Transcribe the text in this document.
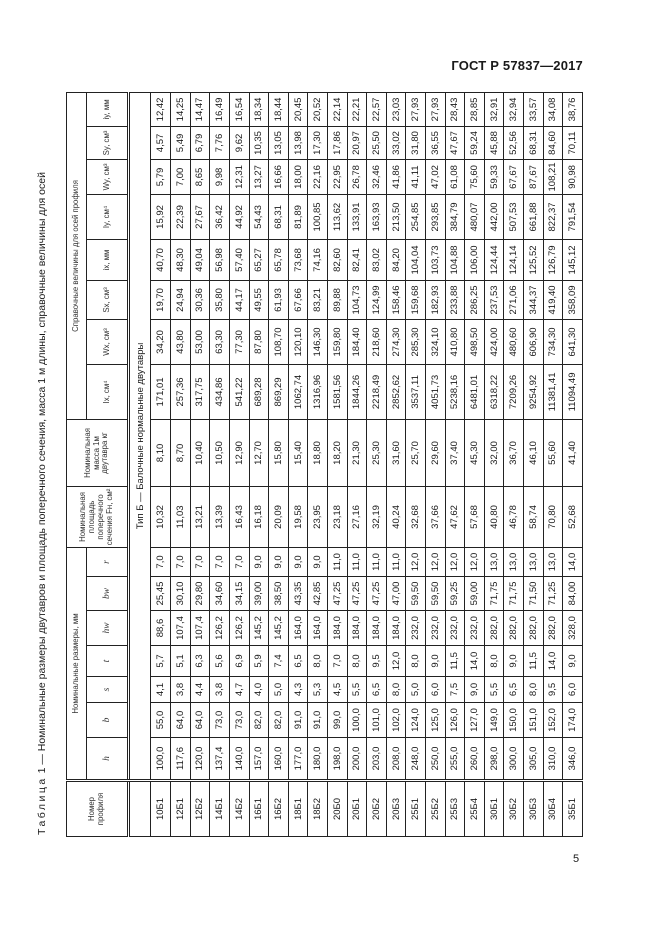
ГОСТ Р 57837—2017
Таблица 1 — Номинальные размеры двутавров и площадь поперечного сечения, масса 1 м длины, справочные величины для осей
Номер профиля	Номинальные размеры, мм							Номинальная площадь поперечного сечения Fн, см²	Номинальная масса 1м двутавра кг	Справочные величины для осей профиля							
	h	b	s	t	hw	bw	r			Ix, см⁴	Wx, см³	Sx, см³	ix, мм	Iy, см⁴	Wy, см³	Sy, см³	iy, мм
	Тип Б — Балочные нормальные двутавры																
10Б1	100,0	55,0	4,1	5,7	88,6	25,45	7,0	10,32	8,10	171,01	34,20	19,70	40,70	15,92	5,79	4,57	12,42
12Б1	117,6	64,0	3,8	5,1	107,4	30,10	7,0	11,03	8,70	257,36	43,80	24,94	48,30	22,39	7,00	5,49	14,25
12Б2	120,0	64,0	4,4	6,3	107,4	29,80	7,0	13,21	10,40	317,75	53,00	30,36	49,04	27,67	8,65	6,79	14,47
14Б1	137,4	73,0	3,8	5,6	126,2	34,60	7,0	13,39	10,50	434,86	63,30	35,80	56,98	36,42	9,98	7,76	16,49
14Б2	140,0	73,0	4,7	6,9	126,2	34,15	7,0	16,43	12,90	541,22	77,30	44,17	57,40	44,92	12,31	9,62	16,54
16Б1	157,0	82,0	4,0	5,9	145,2	39,00	9,0	16,18	12,70	689,28	87,80	49,55	65,27	54,43	13,27	10,35	18,34
16Б2	160,0	82,0	5,0	7,4	145,2	38,50	9,0	20,09	15,80	869,29	108,70	61,93	65,78	68,31	16,66	13,05	18,44
18Б1	177,0	91,0	4,3	6,5	164,0	43,35	9,0	19,58	15,40	1062,74	120,10	67,66	73,68	81,89	18,00	13,98	20,45
18Б2	180,0	91,0	5,3	8,0	164,0	42,85	9,0	23,95	18,80	1316,96	146,30	83,21	74,16	100,85	22,16	17,30	20,52
20Б0	198,0	99,0	4,5	7,0	184,0	47,25	11,0	23,18	18,20	1581,56	159,80	89,88	82,60	113,62	22,95	17,86	22,14
20Б1	200,0	100,0	5,5	8,0	184,0	47,25	11,0	27,16	21,30	1844,26	184,40	104,73	82,41	133,91	26,78	20,97	22,21
20Б2	203,0	101,0	6,5	9,5	184,0	47,25	11,0	32,19	25,30	2218,49	218,60	124,99	83,02	163,93	32,46	25,50	22,57
20Б3	208,0	102,0	8,0	12,0	184,0	47,00	11,0	40,24	31,60	2852,62	274,30	158,46	84,20	213,50	41,86	33,02	23,03
25Б1	248,0	124,0	5,0	8,0	232,0	59,50	12,0	32,68	25,70	3537,11	285,30	159,68	104,04	254,85	41,11	31,80	27,93
25Б2	250,0	125,0	6,0	9,0	232,0	59,50	12,0	37,66	29,60	4051,73	324,10	182,93	103,73	293,85	47,02	36,55	27,93
25Б3	255,0	126,0	7,5	11,5	232,0	59,25	12,0	47,62	37,40	5238,16	410,80	233,88	104,88	384,79	61,08	47,67	28,43
25Б4	260,0	127,0	9,0	14,0	232,0	59,00	12,0	57,68	45,30	6481,01	498,50	286,25	106,00	480,07	75,60	59,24	28,85
30Б1	298,0	149,0	5,5	8,0	282,0	71,75	13,0	40,80	32,00	6318,22	424,00	237,53	124,44	442,00	59,33	45,88	32,91
30Б2	300,0	150,0	6,5	9,0	282,0	71,75	13,0	46,78	36,70	7209,26	480,60	271,06	124,14	507,53	67,67	52,56	32,94
30Б3	305,0	151,0	8,0	11,5	282,0	71,50	13,0	58,74	46,10	9254,92	606,90	344,37	125,52	661,88	87,67	68,31	33,57
30Б4	310,0	152,0	9,5	14,0	282,0	71,25	13,0	70,80	55,60	11381,41	734,30	419,40	126,79	822,37	108,21	84,60	34,08
35Б1	346,0	174,0	6,0	9,0	328,0	84,00	14,0	52,68	41,40	11094,49	641,30	358,09	145,12	791,54	90,98	70,11	38,76
5
